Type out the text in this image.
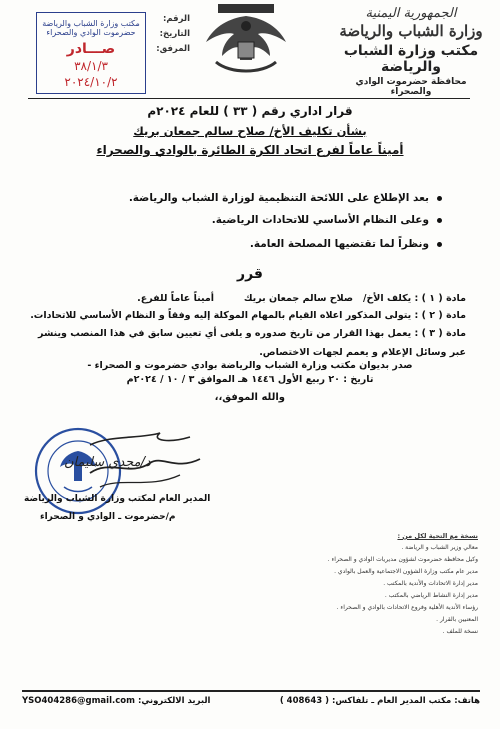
الجمهورية اليمنية
وزارة الشباب والرياضة
مكتب وزارة الشباب والرياضة
محافظة حضرموت الوادي والصحراء
الرقم:
التاريخ:
المرفق:
مكتب وزارة الشباب والرياضة
حضرموت الوادي والصحراء
صـــادر
٣٨/١/٣
٢٠٢٤/١٠/٢
قرار اداري رقم ( ٣٣ ) للعام ٢٠٢٤م
بشأن تكليف الأخ/ صلاح سالم جمعان بريك
أميناً عاماً لفرع اتحاد الكرة الطائرة بالوادي والصحراء
بعد الإطلاع على اللائحة التنظيمية لوزارة الشباب والرياضة.
وعلى النظام الأساسي للاتحادات الرياضية.
ونظراً لما تقتضيها المصلحة العامة.
قرر
مادة ( ١ ) : يكلف الأخ/   صلاح سالم جمعان بريك         أميناً عاماً للفرع.
مادة ( ٢ ) : يتولى المذكور اعلاه القيام بالمهام الموكلة إليه وفقاً و النظام الأساسي للاتحادات.
مادة ( ٣ ) : يعمل بهذا القرار من تاريخ صدوره و يلغى أي تعيين سابق في هذا المنصب وينشر عبر وسائل الإعلام و يعمم لجهات الاختصاص.
صدر بديوان مكتب وزارة الشباب والرياضة بوادي حضرموت و الصحراء -
تاريخ : ٢٠ ربيع الأول ١٤٤٦ هـ الموافق ٣ / ١٠ / ٢٠٢٤م
والله الموفق،،
د/مجدي سليمان
المدير العام لمكتب وزارة الشباب والرياضة
م/حضرموت ـ الوادي و الصحراء
نسخة مع التحية لكل من :
معالي وزير الشباب و الرياضة .
وكيل محافظة حضرموت لشؤون مديريات الوادي و الصحراء .
مدير عام مكتب وزارة الشؤون الاجتماعية والعمل بالوادي .
مدير إدارة الاتحادات والأندية بالمكتب .
مدير إدارة النشاط الرياضي بالمكتب .
رؤساء الأندية الأهلية وفروع الاتحادات بالوادي و الصحراء .
المعنيين بالقرار .
نسخة للملف .
هاتف: مكتب المدير العام ـ تلفاكس: ( 408643 )
البريد الالكتروني: YSO404286@gmail.com
